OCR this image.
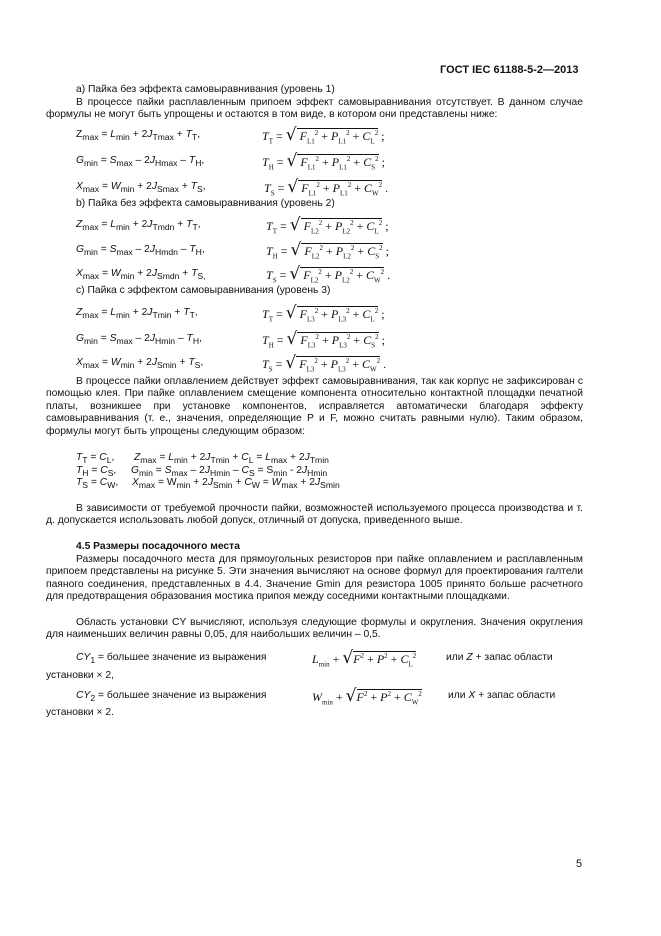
ГОСТ IEC 61188-5-2—2013
a) Пайка без эффекта самовыравнивания (уровень 1)
В процессе пайки расплавленным припоем эффект самовыравнивания отсутствует. В данном случае формулы не могут быть упрощены и остаются в том виде, в котором они представлены ниже:
$Z_{max} = L_{min} + 2J_{Tmax} + T_T$,	$T_T$ = √ $F_{L1}^2 + P_{L1}^2 + C_L^2$ ;
$G_{min} = S_{max} - 2J_{Hmax} - T_H$,	$T_H$ = √ $F_{L1}^2 + P_{L1}^2 + C_S^2$ ;
$X_{max} = W_{min} + 2J_{Smax} + T_S$,	$T_S$ = √ $F_{L1}^2 + P_{L1}^2 + C_W^2$ .
b) Пайка без эффекта самовыравнивания (уровень 2)
$Z_{max} = L_{min} + 2J_{Tmdn} + T_T$,	$T_T$ = √ $F_{L2}^2 + P_{L2}^2 + C_L^2$ ;
$G_{min} = S_{max} - 2J_{Hmdn} - T_H$,	$T_H$ = √ $F_{L2}^2 + P_{L2}^2 + C_S^2$ ;
$X_{max} = W_{min} + 2J_{Smdn} + T_{S,}$	$T_S$ = √ $F_{L2}^2 + P_{L2}^2 + C_W^2$ .
c) Пайка с эффектом самовыравнивания (уровень 3)
$Z_{max} = L_{min} + 2J_{Tmin} + T_T$,	$T_T$ = √ $F_{L3}^2 + P_{L3}^2 + C_L^2$ ;
$G_{min} = S_{max} - 2J_{Hmin} - T_H$,	$T_H$ = √ $F_{L3}^2 + P_{L3}^2 + C_S^2$ ;
$X_{max} = W_{min} + 2J_{Smin} + T_S$,	$T_S$ = √ $F_{L3}^2 + P_{L3}^2 + C_W^2$ .
В процессе пайки оплавлением действует эффект самовыравнивания, так как корпус не зафиксирован с помощью клея. При пайке оплавлением смещение компонента относительно контактной площадки печатной платы, возникшее при установке компонентов, исправляется автоматически благодаря эффекту самовыравнивания (т. е., значения, определяющие P и F, можно считать равными нулю). Таким образом, формулы могут быть упрощены следующим образом:
$T_T = C_L$, $Z_{max} = L_{min} + 2J_{Tmin} + C_L = L_{max} + 2J_{Tmin}$
$T_H = C_S$, $G_{min} = S_{max} - 2J_{Hmin} - C_S = S_{min} - 2J_{Hmin}$
$T_S = C_W$, $X_{max} = W_{min} + 2J_{Smin} + C_W = W_{max} + 2J_{Smin}$
В зависимости от требуемой прочности пайки, возможностей используемого процесса производства и т. д. допускается использовать любой допуск, отличный от допуска, приведенного выше.
4.5 Размеры посадочного места
Размеры посадочного места для прямоугольных резисторов при пайке оплавлением и расплавленным припоем представлены на рисунке 5. Эти значения вычисляют на основе формул для проектирования галтели паяного соединения, представленных в 4.4. Значение Gmin для резистора 1005 принято больше расчетного для предотвращения образования мостика припоя между соседними контактными площадками.
Область установки CY вычисляют, используя следующие формулы и округления. Значения округления для наименьших величин равны 0,05, для наибольших величин – 0,5.
$CY_1$ = большее значение из выражения	$L_{min} + √F^2 + P^2 + C_L^2$	или Z + запас области
установки × 2,
$CY_2$ = большее значение из выражения	$W_{min} + √F^2 + P^2 + C_W^2$	или X + запас области
установки × 2.
5
